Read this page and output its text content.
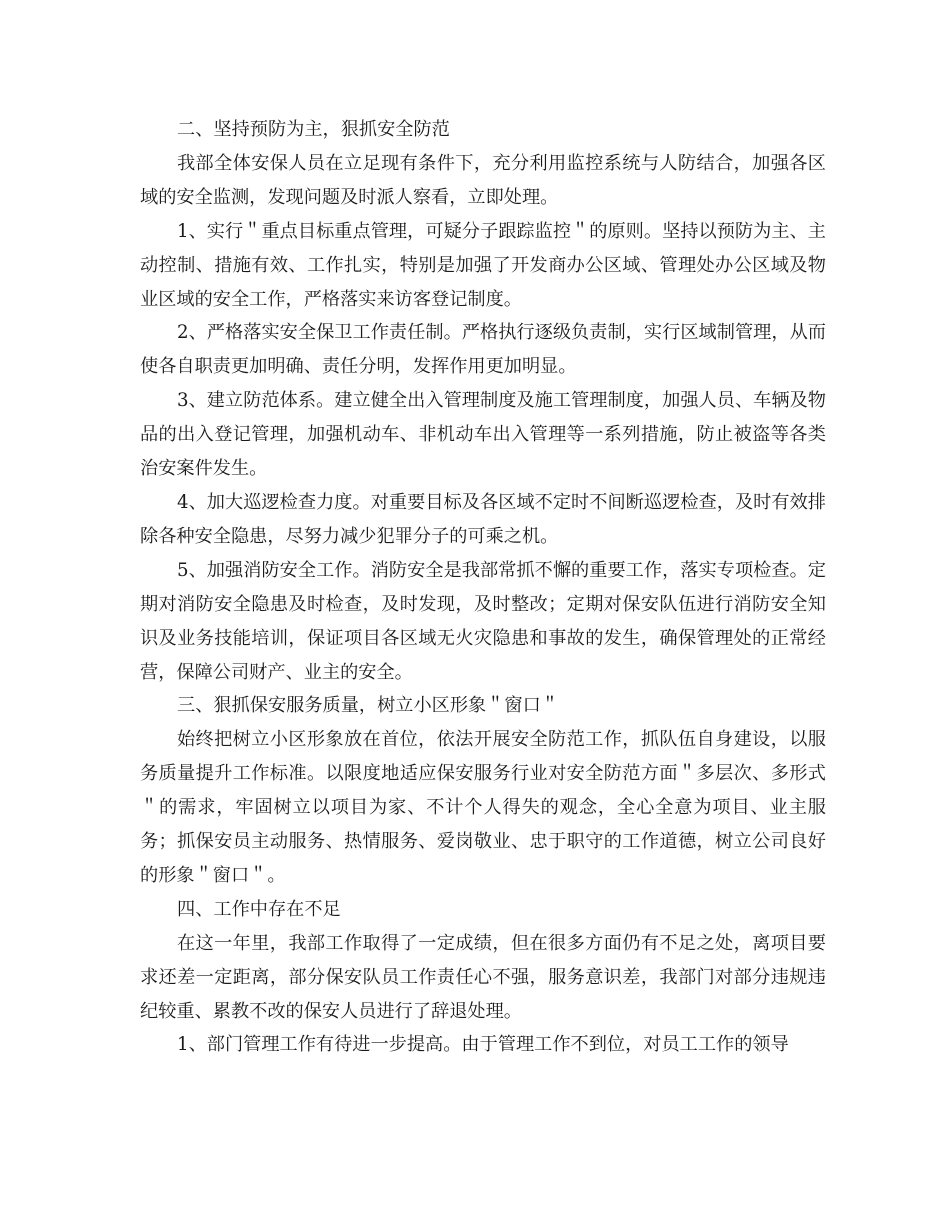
二、坚持预防为主，狠抓安全防范

我部全体安保人员在立足现有条件下，充分利用监控系统与人防结合，加强各区域的安全监测，发现问题及时派人察看，立即处理。

1、实行＂重点目标重点管理，可疑分子跟踪监控＂的原则。坚持以预防为主、主动控制、措施有效、工作扎实，特别是加强了开发商办公区域、管理处办公区域及物业区域的安全工作，严格落实来访客登记制度。

2、严格落实安全保卫工作责任制。严格执行逐级负责制，实行区域制管理，从而使各自职责更加明确、责任分明，发挥作用更加明显。

3、建立防范体系。建立健全出入管理制度及施工管理制度，加强人员、车辆及物品的出入登记管理，加强机动车、非机动车出入管理等一系列措施，防止被盗等各类治安案件发生。

4、加大巡逻检查力度。对重要目标及各区域不定时不间断巡逻检查，及时有效排除各种安全隐患，尽努力减少犯罪分子的可乘之机。

5、加强消防安全工作。消防安全是我部常抓不懈的重要工作，落实专项检查。定期对消防安全隐患及时检查，及时发现，及时整改；定期对保安队伍进行消防安全知识及业务技能培训，保证项目各区域无火灾隐患和事故的发生，确保管理处的正常经营，保障公司财产、业主的安全。

三、狠抓保安服务质量，树立小区形象＂窗口＂

始终把树立小区形象放在首位，依法开展安全防范工作，抓队伍自身建设，以服务质量提升工作标准。以限度地适应保安服务行业对安全防范方面＂多层次、多形式＂的需求，牢固树立以项目为家、不计个人得失的观念，全心全意为项目、业主服务；抓保安员主动服务、热情服务、爱岗敬业、忠于职守的工作道德，树立公司良好的形象＂窗口＂。

四、工作中存在不足

在这一年里，我部工作取得了一定成绩，但在很多方面仍有不足之处，离项目要求还差一定距离，部分保安队员工作责任心不强，服务意识差，我部门对部分违规违纪较重、累教不改的保安人员进行了辞退处理。

1、部门管理工作有待进一步提高。由于管理工作不到位，对员工工作的领导
